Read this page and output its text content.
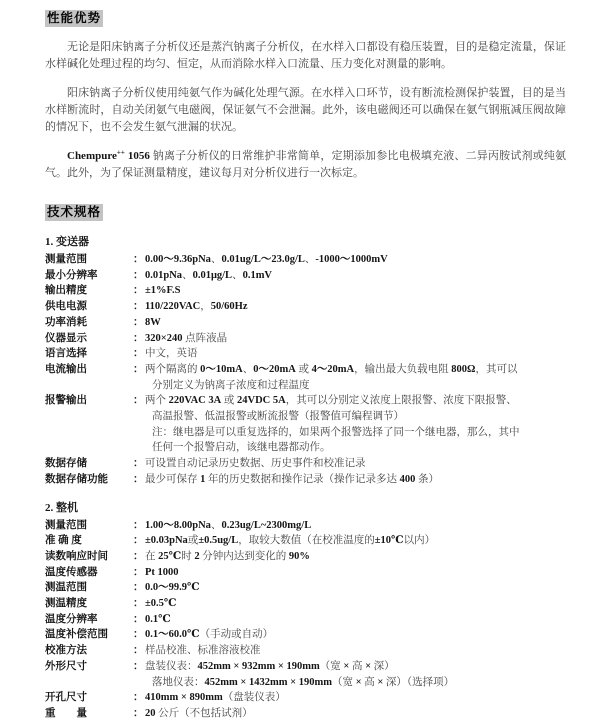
性能优势

无论是阳床钠离子分析仪还是蒸汽钠离子分析仪，在水样入口都设有稳压装置，目的是稳定流量，保证水样碱化处理过程的均匀、恒定，从而消除水样入口流量、压力变化对测量的影响。

阳床钠离子分析仪使用纯氨气作为碱化处理气源。在水样入口环节，设有断流检测保护装置，目的是当水样断流时，自动关闭氨气电磁阀，保证氨气不会泄漏。此外，该电磁阀还可以确保在氨气钢瓶减压阀故障的情况下，也不会发生氨气泄漏的状况。

Chempure++ 1056 钠离子分析仪的日常维护非常简单，定期添加参比电极填充液、二异丙胺试剂或纯氨气。此外，为了保证测量精度，建议每月对分析仪进行一次标定。

技术规格
1. 变送器
测量范围	： 0.00～9.36pNa、0.01ug/L～23.0g/L、-1000～1000mV
最小分辨率	： 0.01pNa、0.01μg/L、0.1mV
输出精度	： ±1%F.S
供电电源	： 110/220VAC，50/60Hz
功率消耗	： 8W
仪器显示	： 320×240 点阵液晶
语言选择	： 中文，英语
电流输出	： 两个隔离的 0～10mA、0～20mA 或 4～20mA，输出最大负载电阻 800Ω，其可以
分别定义为钠离子浓度和过程温度
报警输出	： 两个 220VAC 3A 或 24VDC 5A，其可以分别定义浓度上限报警、浓度下限报警、
高温报警、低温报警或断流报警（报警值可编程调节）
注：继电器是可以重复选择的，如果两个报警选择了同一个继电器，那么，其中
任何一个报警启动，该继电器都动作。
数据存储	： 可设置自动记录历史数据、历史事件和校准记录
数据存储功能	： 最少可保存 1 年的历史数据和操作记录（操作记录多达 400 条）
2. 整机
测量范围	： 1.00～8.00pNa、0.23ug/L~2300mg/L
准 确 度	： ±0.03pNa或±0.5ug/L，取较大数值（在校准温度的±10℃以内）
读数响应时间	： 在 25℃时 2 分钟内达到变化的 90%
温度传感器	： Pt 1000
测温范围	： 0.0～99.9℃
测温精度	： ±0.5℃
温度分辨率	： 0.1℃
温度补偿范围	： 0.1～60.0℃（手动或自动）
校准方法	： 样品校准、标准溶液校准
外形尺寸	： 盘装仪表：452mm × 932mm × 190mm（宽 × 高 × 深）
落地仪表：452mm × 1432mm × 190mm（宽 × 高 × 深）（选择项）
开孔尺寸	： 410mm × 890mm（盘装仪表）
重　　量	： 20 公斤（不包括试剂）
